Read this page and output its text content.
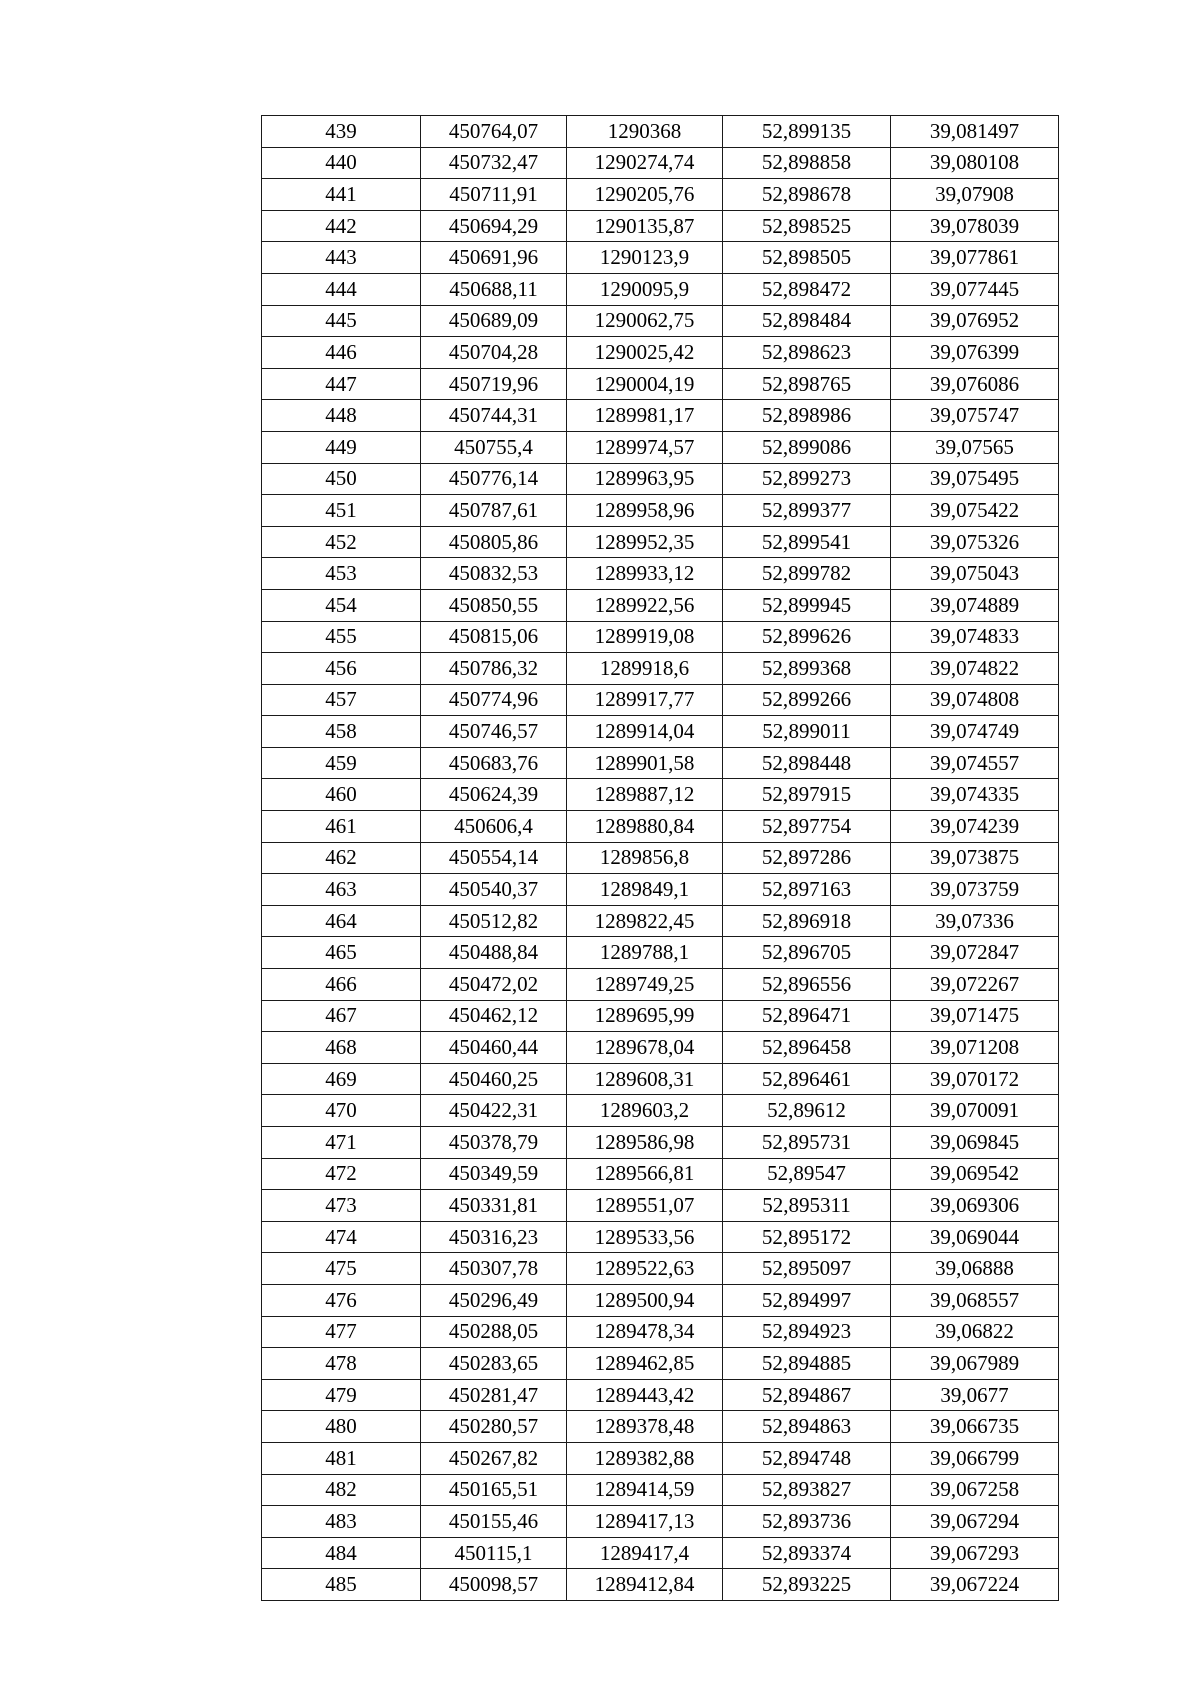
439	450764,07	1290368	52,899135	39,081497
440	450732,47	1290274,74	52,898858	39,080108
441	450711,91	1290205,76	52,898678	39,07908
442	450694,29	1290135,87	52,898525	39,078039
443	450691,96	1290123,9	52,898505	39,077861
444	450688,11	1290095,9	52,898472	39,077445
445	450689,09	1290062,75	52,898484	39,076952
446	450704,28	1290025,42	52,898623	39,076399
447	450719,96	1290004,19	52,898765	39,076086
448	450744,31	1289981,17	52,898986	39,075747
449	450755,4	1289974,57	52,899086	39,07565
450	450776,14	1289963,95	52,899273	39,075495
451	450787,61	1289958,96	52,899377	39,075422
452	450805,86	1289952,35	52,899541	39,075326
453	450832,53	1289933,12	52,899782	39,075043
454	450850,55	1289922,56	52,899945	39,074889
455	450815,06	1289919,08	52,899626	39,074833
456	450786,32	1289918,6	52,899368	39,074822
457	450774,96	1289917,77	52,899266	39,074808
458	450746,57	1289914,04	52,899011	39,074749
459	450683,76	1289901,58	52,898448	39,074557
460	450624,39	1289887,12	52,897915	39,074335
461	450606,4	1289880,84	52,897754	39,074239
462	450554,14	1289856,8	52,897286	39,073875
463	450540,37	1289849,1	52,897163	39,073759
464	450512,82	1289822,45	52,896918	39,07336
465	450488,84	1289788,1	52,896705	39,072847
466	450472,02	1289749,25	52,896556	39,072267
467	450462,12	1289695,99	52,896471	39,071475
468	450460,44	1289678,04	52,896458	39,071208
469	450460,25	1289608,31	52,896461	39,070172
470	450422,31	1289603,2	52,89612	39,070091
471	450378,79	1289586,98	52,895731	39,069845
472	450349,59	1289566,81	52,89547	39,069542
473	450331,81	1289551,07	52,895311	39,069306
474	450316,23	1289533,56	52,895172	39,069044
475	450307,78	1289522,63	52,895097	39,06888
476	450296,49	1289500,94	52,894997	39,068557
477	450288,05	1289478,34	52,894923	39,06822
478	450283,65	1289462,85	52,894885	39,067989
479	450281,47	1289443,42	52,894867	39,0677
480	450280,57	1289378,48	52,894863	39,066735
481	450267,82	1289382,88	52,894748	39,066799
482	450165,51	1289414,59	52,893827	39,067258
483	450155,46	1289417,13	52,893736	39,067294
484	450115,1	1289417,4	52,893374	39,067293
485	450098,57	1289412,84	52,893225	39,067224
